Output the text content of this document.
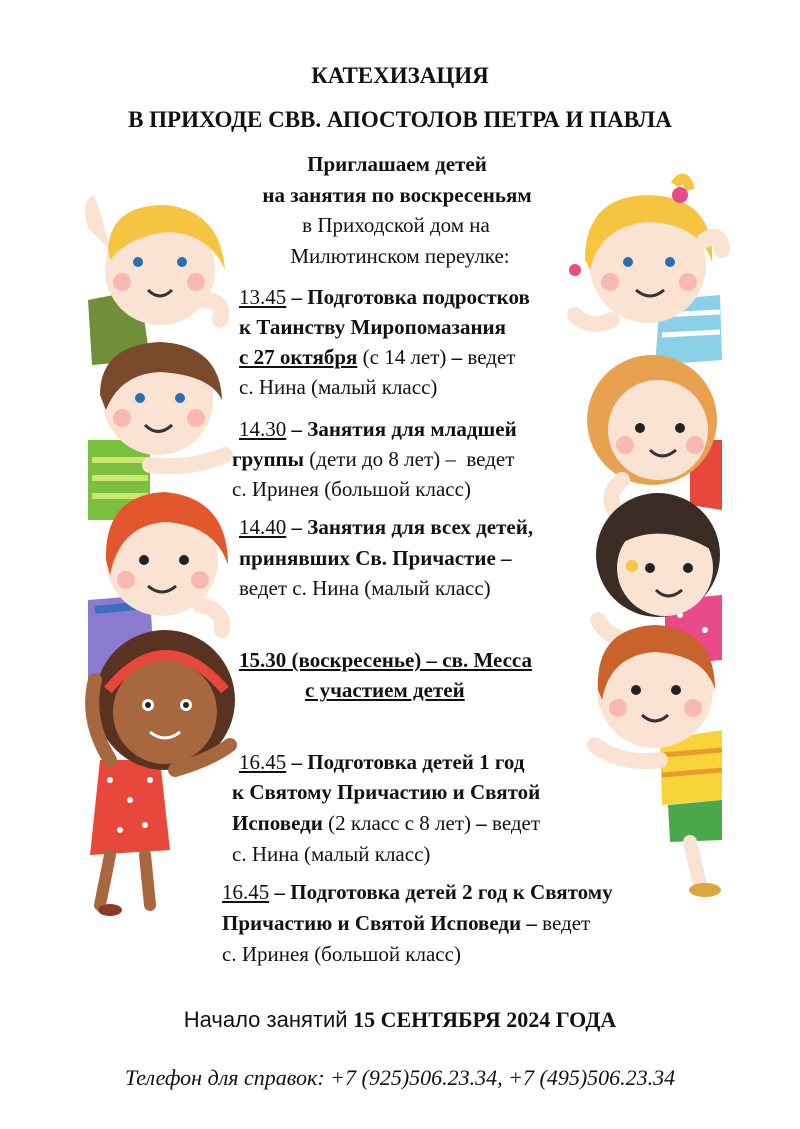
КАТЕХИЗАЦИЯ
В ПРИХОДЕ СВВ. АПОСТОЛОВ ПЕТРА И ПАВЛА
Приглашаем детей
на занятия по воскресеньям
в Приходской дом на
Милютинском переулке:
13.45 – Подготовка подростков
к Таинству Миропомазания
с 27 октября (с 14 лет) – ведет
с. Нина (малый класс)
14.30 – Занятия для младшей
группы (дети до 8 лет) – ведет
с. Иринея (большой класс)
14.40 – Занятия для всех детей,
принявших Св. Причастие –
ведет с. Нина (малый класс)
15.30 (воскресенье) – св. Месса
с участием детей
16.45 – Подготовка детей 1 год
к Святому Причастию и Святой
Исповеди (2 класс с 8 лет) – ведет
с. Нина (малый класс)
16.45 – Подготовка детей 2 год к Святому
Причастию и Святой Исповеди – ведет
с. Иринея (большой класс)
Начало занятий 15 СЕНТЯБРЯ 2024 ГОДА
Телефон для справок: +7 (925)506.23.34, +7 (495)506.23.34
